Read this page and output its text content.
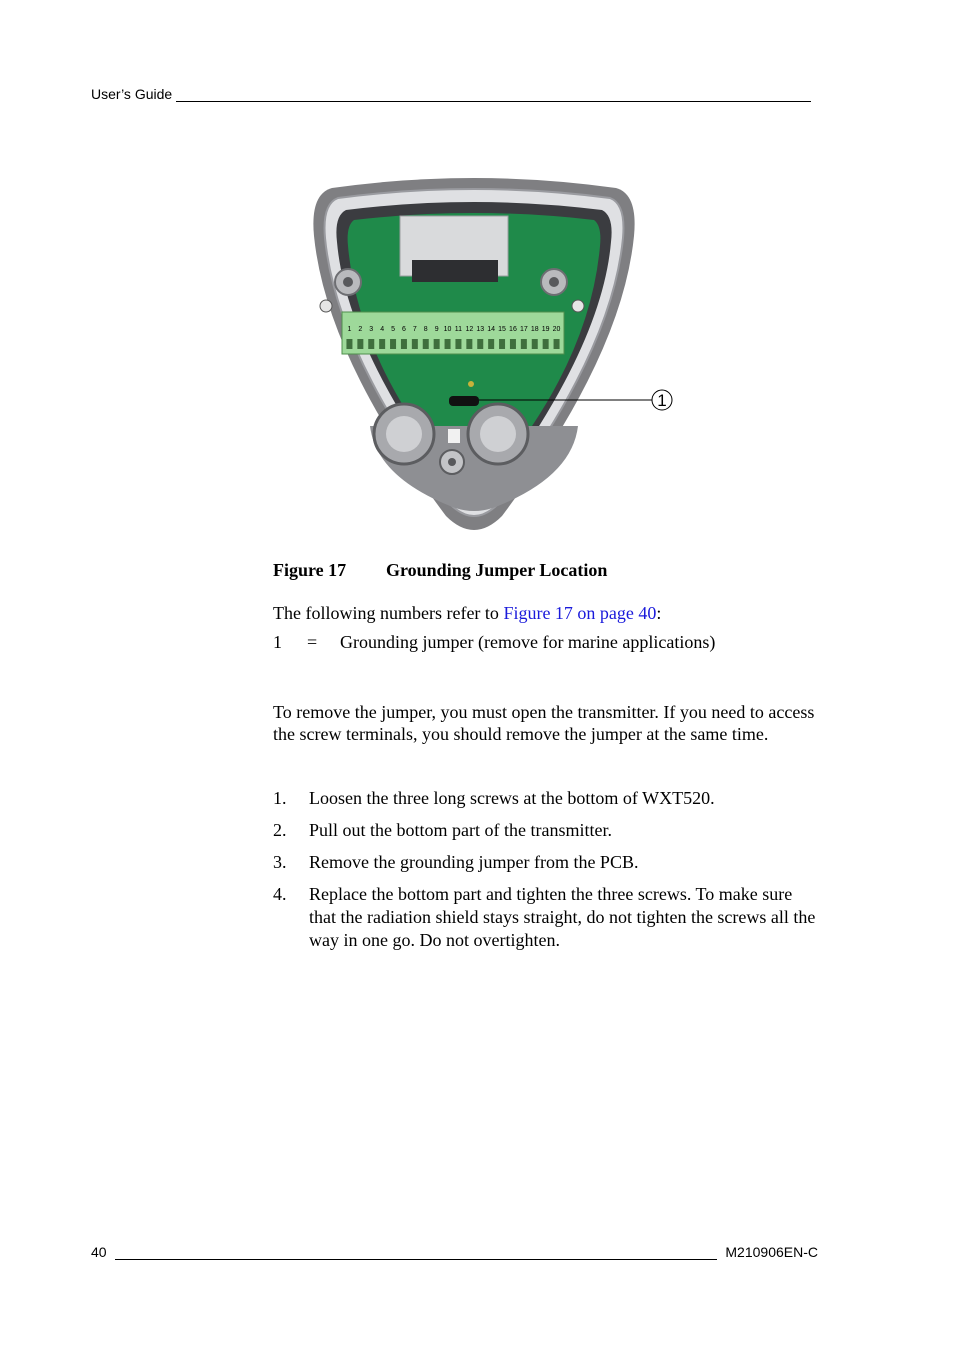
User’s Guide
1 2 3 4 5 6 7 8 9 10 11 12 13 14 15 16 17 18 19 20
1
Figure 17 Grounding Jumper Location
The following numbers refer to Figure 17 on page 40:
1 = Grounding jumper (remove for marine applications)
To remove the jumper, you must open the transmitter. If you need to access the screw terminals, you should remove the jumper at the same time.
1.	Loosen the three long screws at the bottom of WXT520.
2.	Pull out the bottom part of the transmitter.
3.	Remove the grounding jumper from the PCB.
4.	Replace the bottom part and tighten the three screws. To make sure that the radiation shield stays straight, do not tighten the screws all the way in one go. Do not overtighten.
40	M210906EN-C
